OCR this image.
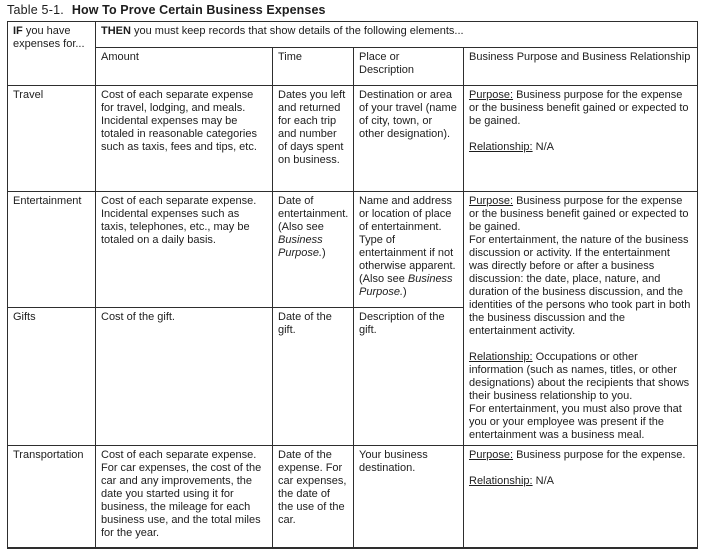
Table 5-1. How To Prove Certain Business Expenses
IF you have expenses for...	THEN you must keep records that show details of the following elements...			
	Amount	Time	Place or Description	Business Purpose and Business Relationship
Travel	Cost of each separate expense for travel, lodging, and meals. Incidental expenses may be totaled in reasonable categories such as taxis, fees and tips, etc.	Dates you left and returned for each trip and number of days spent on business.	Destination or area of your travel (name of city, town, or other designation).	Purpose: Business purpose for the expense or the business benefit gained or expected to be gained.

Relationship: N/A

Entertainment	Cost of each separate expense. Incidental expenses such as taxis, telephones, etc., may be totaled on a daily basis.	Date of entertainment. (Also see Business Purpose.)	Name and address or location of place of entertainment. Type of entertainment if not otherwise apparent. (Also see Business Purpose.)	Purpose: Business purpose for the expense or the business benefit gained or expected to be gained.

For entertainment, the nature of the business discussion or activity. If the entertainment was directly before or after a business discussion: the date, place, nature, and duration of the business discussion, and the identities of the persons who took part in both the business discussion and the entertainment activity.

Relationship: Occupations or other information (such as names, titles, or other designations) about the recipients that shows their business relationship to you.

For entertainment, you must also prove that you or your employee was present if the entertainment was a business meal.

Gifts	Cost of the gift.	Date of the gift.	Description of the gift.	
Transportation	Cost of each separate expense. For car expenses, the cost of the car and any improvements, the date you started using it for business, the mileage for each business use, and the total miles for the year.	Date of the expense. For car expenses, the date of the use of the car.	Your business destination.	Purpose: Business purpose for the expense.

Relationship: N/A
